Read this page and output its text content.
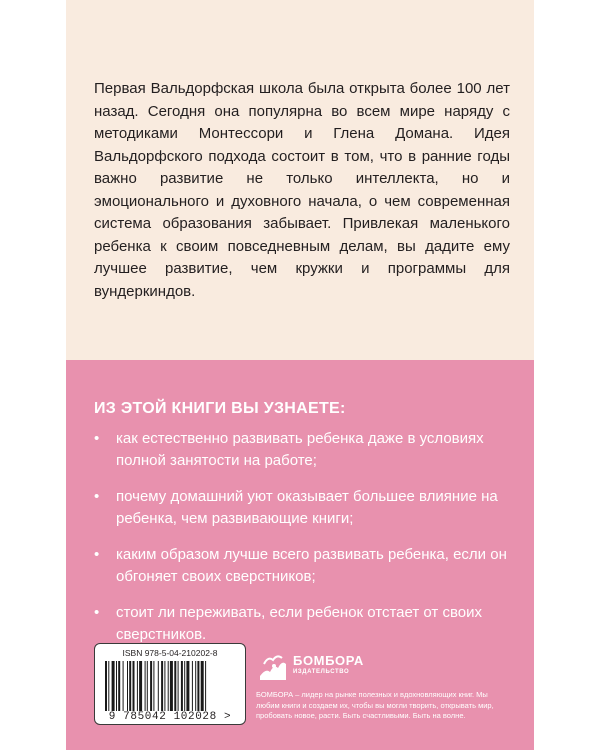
Первая Вальдорфская школа была открыта более 100 лет назад. Сегодня она популярна во всем мире наряду с методиками Монтессори и Глена Домана. Идея Вальдорфского подхода состоит в том, что в ранние годы важно развитие не только интеллекта, но и эмоционального и духовного начала, о чем современная система образования забывает. Привлекая маленького ребенка к своим повседневным делам, вы дадите ему лучшее развитие, чем кружки и программы для вундеркиндов.

ИЗ ЭТОЙ КНИГИ ВЫ УЗНАЕТЕ:
• как естественно развивать ребенка даже в условиях полной занятости на работе;
• почему домашний уют оказывает большее влияние на ребенка, чем развивающие книги;
• каким образом лучше всего развивать ребенка, если он обгоняет своих сверстников;
• стоит ли переживать, если ребенок отстает от своих сверстников.
ISBN 978-5-04-210202-8
9 785042 102028 >
БОМБОРА
ИЗДАТЕЛЬСТВО

БОМБОРА – лидер на рынке полезных и вдохновляющих книг. Мы любим книги и создаем их, чтобы вы могли творить, открывать мир, пробовать новое, расти. Быть счастливыми. Быть на волне.
